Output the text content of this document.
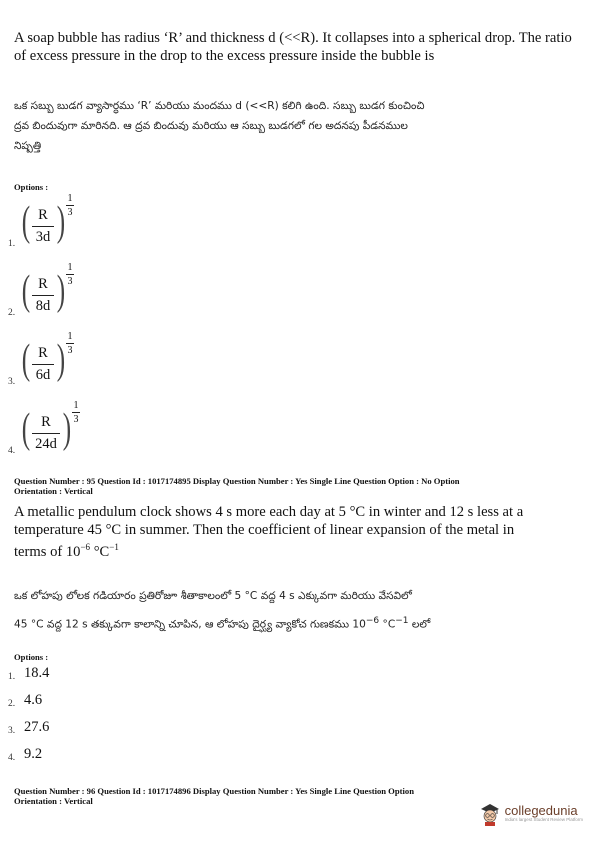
A soap bubble has radius ‘R’ and thickness d (<<R). It collapses into a spherical drop. The ratio of excess pressure in the drop to the excess pressure inside the bubble is
ఒక సబ్బు బుడగ వ్యాసార్ధము ‘R’ మరియు మందము d (<<R) కలిగి ఉంది. సబ్బు బుడగ కుంచించి
ద్రవ బిందువుగా మారినది. ఆ ద్రవ బిందువు మరియు ఆ సబ్బు బుడగలో గల అదనపు పీడనముల
నిష్పత్తి
Options :
1. ( R
3d )
1
3
2. ( R
8d )
1
3
3. ( R
6d )
1
3
4. ( R
24d )
1
3
Question Number : 95 Question Id : 1017174895 Display Question Number : Yes Single Line Question Option : No Option
Orientation : Vertical
A metallic pendulum clock shows 4 s more each day at 5 °C in winter and 12 s less at a
temperature 45 °C in summer. Then the coefficient of linear expansion of the metal in
terms of $10^{-6}$ $^\circ C^{-1}$
ఒక లోహపు లోలక గడియారం ప్రతిరోజూ శీతాకాలంలో 5 °C వద్ద 4 s ఎక్కువగా మరియు వేసవిలో
45 °C వద్ద 12 s తక్కువగా కాలాన్ని చూపిన, ఆ లోహపు దైర్ఘ్య వ్యాకోచ గుణకము $10^{-6}$ $^\circ C^{-1}$ లలో
Options :
1. 18.4
2. 4.6
3. 27.6
4. 9.2
Question Number : 96 Question Id : 1017174896 Display Question Number : Yes Single Line Question Option
Orientation : Vertical
collegedunia
India's largest Student Review Platform
